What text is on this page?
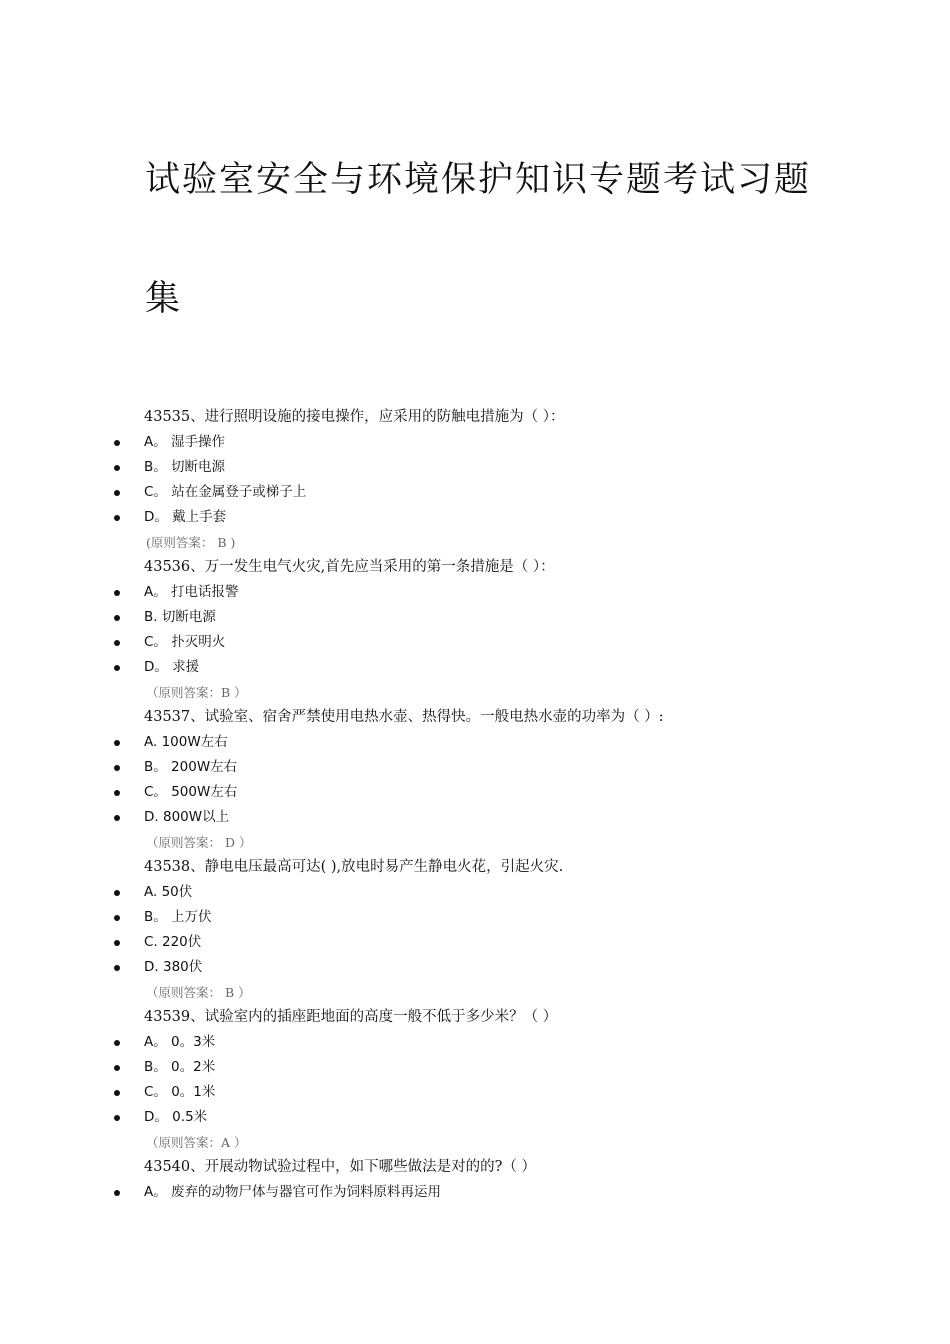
试验室安全与环境保护知识专题考试习题
集
43535、进行照明设施的接电操作，应采用的防触电措施为（ ）：
A。 湿手操作
B。 切断电源
C。 站在金属登子或梯子上
D。 戴上手套
(原则答案： B )
43536、万一发生电气火灾,首先应当采用的第一条措施是（ ）：
A。 打电话报警
B. 切断电源
C。 扑灭明火
D。 求援
（原则答案：B ）
43537、试验室、宿舍严禁使用电热水壶、热得快。一般电热水壶的功率为（ ）:
A. 100W左右
B。 200W左右
C。 500W左右
D. 800W以上
（原则答案： D ）
43538、静电电压最高可达( ),放电时易产生静电火花，引起火灾.
A. 50伏
B。 上万伏
C. 220伏
D. 380伏
（原则答案： B ）
43539、试验室内的插座距地面的高度一般不低于多少米？（ ）
A。 0。3米
B。 0。2米
C。 0。1米
D。 0.5米
（原则答案：A ）
43540、开展动物试验过程中，如下哪些做法是对的的?（ ）
A。 废弃的动物尸体与器官可作为饲料原料再运用
